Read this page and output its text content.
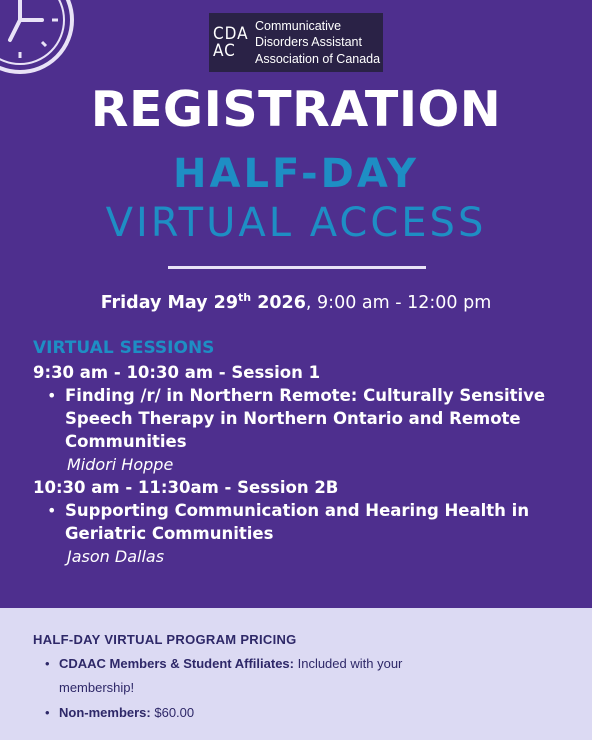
CDA
AC
Communicative
Disorders Assistant
Association of Canada
REGISTRATION
HALF-DAY
VIRTUAL ACCESS
Friday May 29th 2026, 9:00 am - 12:00 pm
VIRTUAL SESSIONS

9:30 am - 10:30 am - Session 1

• Finding /r/ in Northern Remote: Culturally Sensitive Speech Therapy in Northern Ontario and Remote Communities
Midori Hoppe

10:30 am - 11:30am - Session 2B

• Supporting Communication and Hearing Health in Geriatric Communities
Jason Dallas
HALF-DAY VIRTUAL PROGRAM PRICING
• CDAAC Members & Student Affiliates: Included with your membership!
• Non-members: $60.00
